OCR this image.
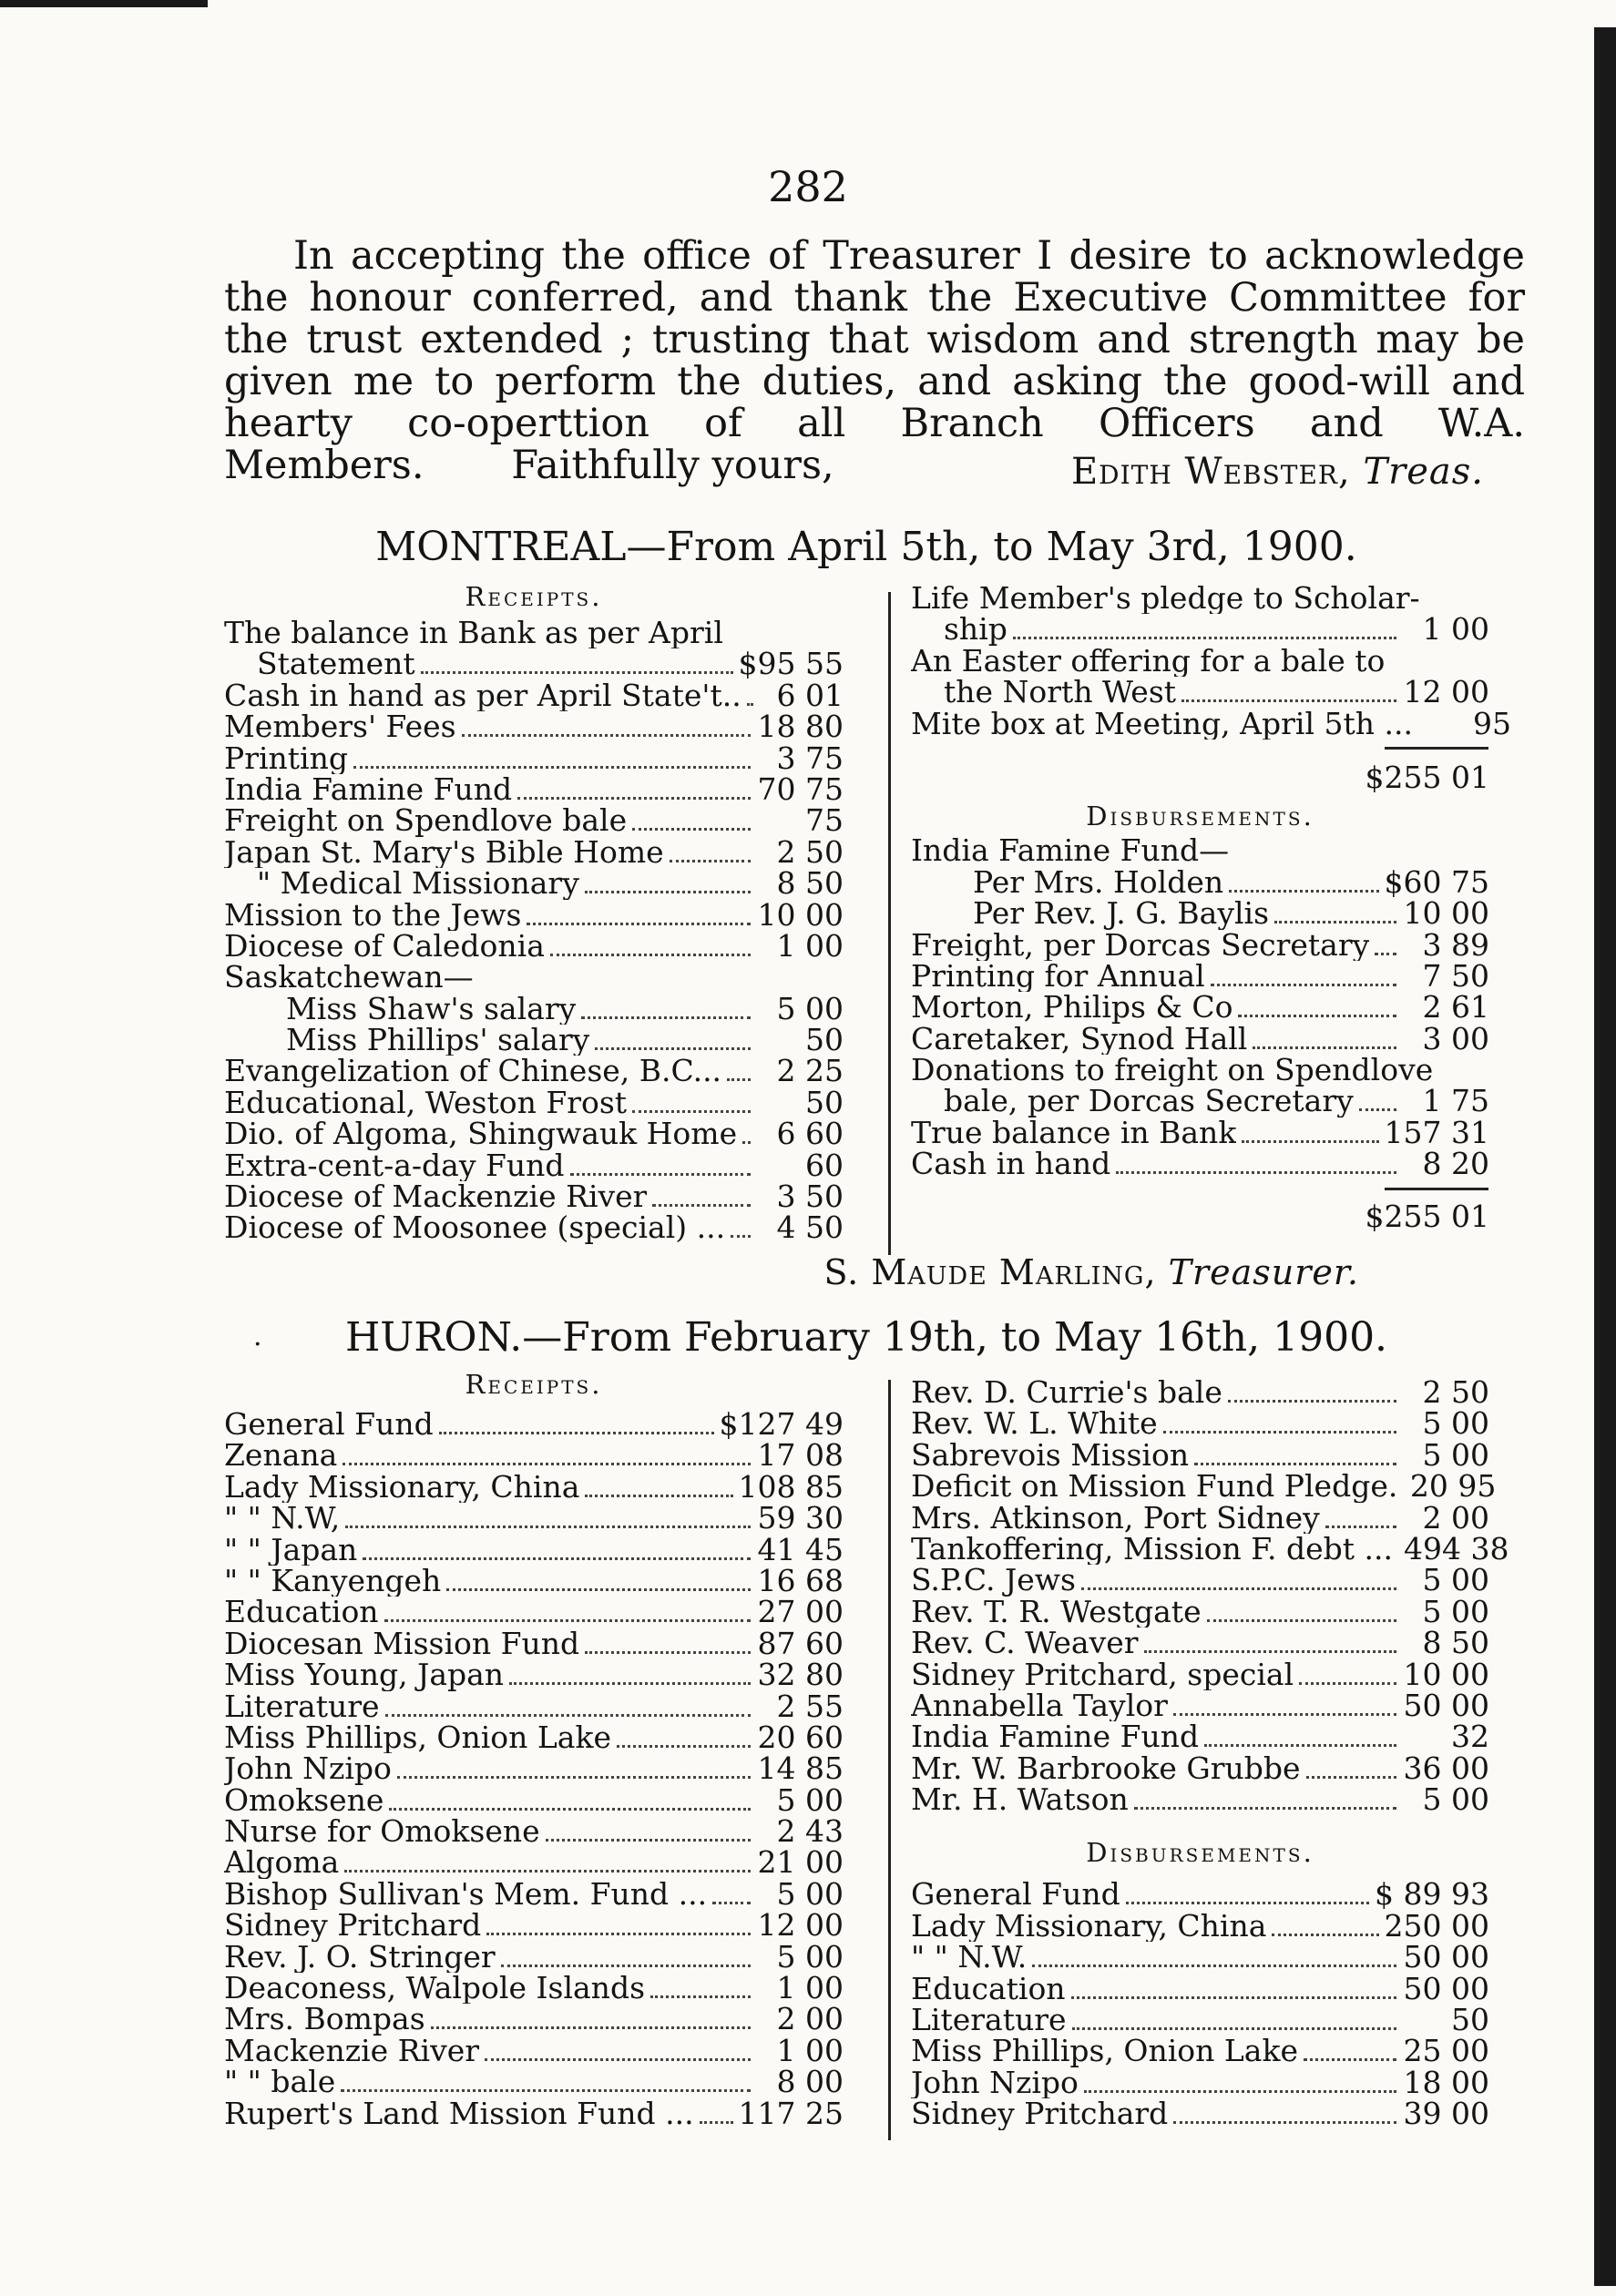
282

In accepting the office of Treasurer I desire to acknowledge the honour conferred, and thank the Executive Committee for the trust extended ; trusting that wisdom and strength may be given me to perform the duties, and asking the good-will and hearty co-operttion of all Branch Officers and W.A. Members. Faithfully yours,	Edith Webster, Treas.
MONTREAL—From April 5th, to May 3rd, 1900.
Receipts.
The balance in Bank as per April
Statement	$95 55
Cash in hand as per April State't..	6 01
Members' Fees	18 80
Printing	3 75
India Famine Fund	70 75
Freight on Spendlove bale	75
Japan St. Mary's Bible Home	2 50
" Medical Missionary	8 50
Mission to the Jews	10 00
Diocese of Caledonia	1 00
Saskatchewan—
Miss Shaw's salary	5 00
Miss Phillips' salary	50
Evangelization of Chinese, B.C...	2 25
Educational, Weston Frost	50
Dio. of Algoma, Shingwauk Home	6 60
Extra-cent-a-day Fund	60
Diocese of Mackenzie River	3 50
Diocese of Moosonee (special) ...	4 50
Life Member's pledge to Scholar-
ship	1 00
An Easter offering for a bale to
the North West	12 00
Mite box at Meeting, April 5th ...	95
$255 01
Disbursements.
India Famine Fund—
Per Mrs. Holden	$60 75
Per Rev. J. G. Baylis	10 00
Freight, per Dorcas Secretary	3 89
Printing for Annual	7 50
Morton, Philips & Co	2 61
Caretaker, Synod Hall	3 00
Donations to freight on Spendlove
bale, per Dorcas Secretary	1 75
True balance in Bank	157 31
Cash in hand	8 20
$255 01
S. Maude Marling, Treasurer.
.	HURON.—From February 19th, to May 16th, 1900.
Receipts.
General Fund	$127 49
Zenana	17 08
Lady Missionary, China	108 85
" " N.W,	59 30
" " Japan	41 45
" " Kanyengeh	16 68
Education	27 00
Diocesan Mission Fund	87 60
Miss Young, Japan	32 80
Literature	2 55
Miss Phillips, Onion Lake	20 60
John Nzipo	14 85
Omoksene	5 00
Nurse for Omoksene	2 43
Algoma	21 00
Bishop Sullivan's Mem. Fund ...	5 00
Sidney Pritchard	12 00
Rev. J. O. Stringer	5 00
Deaconess, Walpole Islands	1 00
Mrs. Bompas	2 00
Mackenzie River	1 00
" " bale	8 00
Rupert's Land Mission Fund ... 117 25
Rev. D. Currie's bale	2 50
Rev. W. L. White	5 00
Sabrevois Mission	5 00
Deficit on Mission Fund Pledge. 20 95
Mrs. Atkinson, Port Sidney	2 00
Tankoffering, Mission F. debt ... 494 38
S.P.C. Jews	5 00
Rev. T. R. Westgate	5 00
Rev. C. Weaver	8 50
Sidney Pritchard, special	10 00
Annabella Taylor	50 00
India Famine Fund	32
Mr. W. Barbrooke Grubbe	36 00
Mr. H. Watson	5 00
Disbursements.
General Fund	$ 89 93
Lady Missionary, China	250 00
" " N.W.	50 00
Education	50 00
Literature	50
Miss Phillips, Onion Lake	25 00
John Nzipo	18 00
Sidney Pritchard	39 00
